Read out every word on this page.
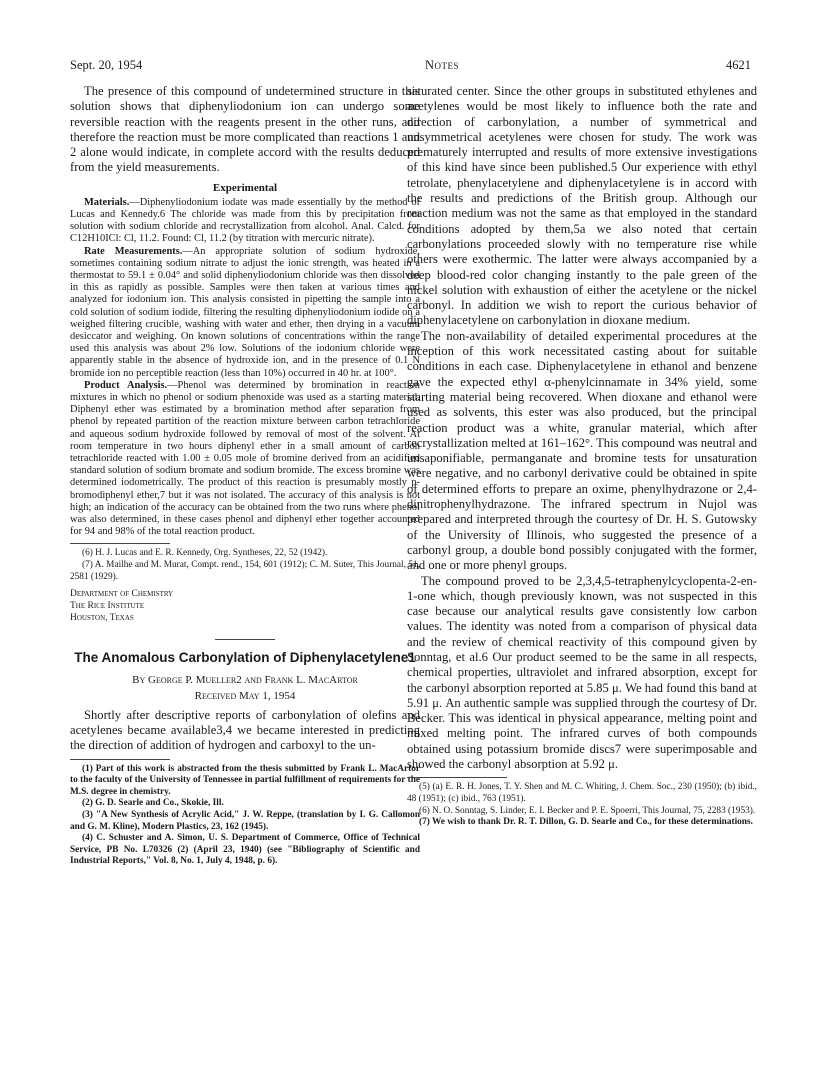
Sept. 20, 1954	Notes	4621

The presence of this compound of undetermined structure in this solution shows that diphenyliodonium ion can undergo some reversible reaction with the reagents present in the other runs, and therefore the reaction must be more complicated than reactions 1 and 2 alone would indicate, in complete accord with the results deduced from the yield measurements.

Experimental

Materials.—Diphenyliodonium iodate was made essentially by the method of Lucas and Kennedy.6 The chloride was made from this by precipitation from solution with sodium chloride and recrystallization from alcohol. Anal. Calcd. for C12H10ICl: Cl, 11.2. Found: Cl, 11.2 (by titration with mercuric nitrate).

Rate Measurements.—An appropriate solution of sodium hydroxide, sometimes containing sodium nitrate to adjust the ionic strength, was heated in a thermostat to 59.1 ± 0.04° and solid diphenyliodonium chloride was then dissolved in this as rapidly as possible. Samples were then taken at various times and analyzed for iodonium ion. This analysis consisted in pipetting the sample into a cold solution of sodium iodide, filtering the resulting diphenyliodonium iodide on a weighed filtering crucible, washing with water and ether, then drying in a vacuum desiccator and weighing. On known solutions of concentrations within the range used this analysis was about 2% low. Solutions of the iodonium chloride were apparently stable in the absence of hydroxide ion, and in the presence of 0.1 N bromide ion no perceptible reaction (less than 10%) occurred in 40 hr. at 100°.

Product Analysis.—Phenol was determined by bromination in reaction mixtures in which no phenol or sodium phenoxide was used as a starting material. Diphenyl ether was estimated by a bromination method after separation from phenol by repeated partition of the reaction mixture between carbon tetrachloride and aqueous sodium hydroxide followed by removal of most of the solvent. At room temperature in two hours diphenyl ether in a small amount of carbon tetrachloride reacted with 1.00 ± 0.05 mole of bromine derived from an acidified standard solution of sodium bromate and sodium bromide. The excess bromine was determined iodometrically. The product of this reaction is presumably mostly p-bromodiphenyl ether,7 but it was not isolated. The accuracy of this analysis is not high; an indication of the accuracy can be obtained from the two runs where phenol was also determined, in these cases phenol and diphenyl ether together accounted for 94 and 98% of the total reaction product.

(6) H. J. Lucas and E. R. Kennedy, Org. Syntheses, 22, 52 (1942).

(7) A. Mailhe and M. Murat, Compt. rend., 154, 601 (1912); C. M. Suter, This Journal, 51, 2581 (1929).

Department of Chemistry

The Rice Institute

Houston, Texas

The Anomalous Carbonylation of Diphenylacetylene1

By George P. Mueller2 and Frank L. MacArtor

Received May 1, 1954

Shortly after descriptive reports of carbonylation of olefins and acetylenes became available3,4 we became interested in predicting the direction of addition of hydrogen and carboxyl to the un-

(1) Part of this work is abstracted from the thesis submitted by Frank L. MacArtor to the faculty of the University of Tennessee in partial fulfillment of requirements for the M.S. degree in chemistry.

(2) G. D. Searle and Co., Skokie, Ill.

(3) "A New Synthesis of Acrylic Acid," J. W. Reppe, (translation by I. G. Callomon and G. M. Kline), Modern Plastics, 23, 162 (1945).

(4) C. Schuster and A. Simon, U. S. Department of Commerce, Office of Technical Service, PB No. L70326 (2) (April 23, 1940) (see "Bibliography of Scientific and Industrial Reports," Vol. 8, No. 1, July 4, 1948, p. 6).

saturated center. Since the other groups in substituted ethylenes and acetylenes would be most likely to influence both the rate and direction of carbonylation, a number of symmetrical and unsymmetrical acetylenes were chosen for study. The work was prematurely interrupted and results of more extensive investigations of this kind have since been published.5 Our experience with ethyl tetrolate, phenylacetylene and diphenylacetylene is in accord with the results and predictions of the British group. Although our reaction medium was not the same as that employed in the standard conditions adopted by them,5a we also noted that certain carbonylations proceeded slowly with no temperature rise while others were exothermic. The latter were always accompanied by a deep blood-red color changing instantly to the pale green of the nickel solution with exhaustion of either the acetylene or the nickel carbonyl. In addition we wish to report the curious behavior of diphenylacetylene on carbonylation in dioxane medium.

The non-availability of detailed experimental procedures at the inception of this work necessitated casting about for suitable conditions in each case. Diphenylacetylene in ethanol and benzene gave the expected ethyl α-phenylcinnamate in 34% yield, some starting material being recovered. When dioxane and ethanol were used as solvents, this ester was also produced, but the principal reaction product was a white, granular material, which after recrystallization melted at 161–162°. This compound was neutral and unsaponifiable, permanganate and bromine tests for unsaturation were negative, and no carbonyl derivative could be obtained in spite of determined efforts to prepare an oxime, phenylhydrazone or 2,4-dinitrophenylhydrazone. The infrared spectrum in Nujol was prepared and interpreted through the courtesy of Dr. H. S. Gutowsky of the University of Illinois, who suggested the presence of a carbonyl group, a double bond possibly conjugated with the former, and one or more phenyl groups.

The compound proved to be 2,3,4,5-tetraphenylcyclopenta-2-en-1-one which, though previously known, was not suspected in this case because our analytical results gave consistently low carbon values. The identity was noted from a comparison of physical data and the review of chemical reactivity of this compound given by Sonntag, et al.6 Our product seemed to be the same in all respects, chemical properties, ultraviolet and infrared absorption, except for the carbonyl absorption reported at 5.85 μ. We had found this band at 5.91 μ. An authentic sample was supplied through the courtesy of Dr. Becker. This was identical in physical appearance, melting point and mixed melting point. The infrared curves of both compounds obtained using potassium bromide discs7 were superimposable and showed the carbonyl absorption at 5.92 μ.

(5) (a) E. R. H. Jones, T. Y. Shen and M. C. Whiting, J. Chem. Soc., 230 (1950); (b) ibid., 48 (1951); (c) ibid., 763 (1951).

(6) N. O. Sonntag, S. Linder, E. I. Becker and P. E. Spoerri, This Journal, 75, 2283 (1953).

(7) We wish to thank Dr. R. T. Dillon, G. D. Searle and Co., for these determinations.
